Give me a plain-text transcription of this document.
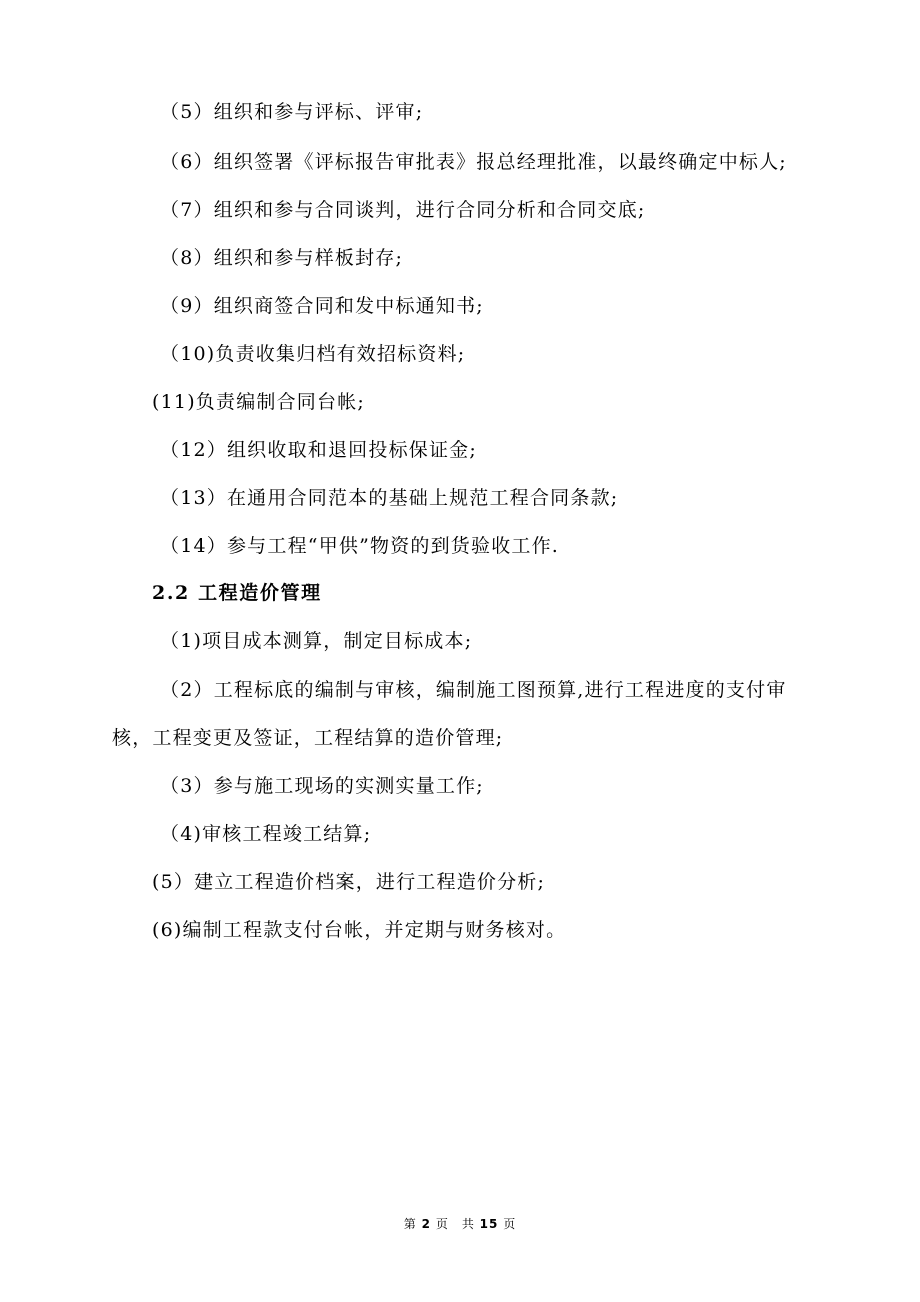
（5）组织和参与评标、评审;
（6）组织签署《评标报告审批表》报总经理批准，以最终确定中标人;
（7）组织和参与合同谈判，进行合同分析和合同交底;
（8）组织和参与样板封存;
（9）组织商签合同和发中标通知书;
（10)负责收集归档有效招标资料;
(11)负责编制合同台帐;
（12）组织收取和退回投标保证金;
（13）在通用合同范本的基础上规范工程合同条款;
（14）参与工程“甲供”物资的到货验收工作.
2.2 工程造价管理
（1)项目成本测算，制定目标成本;
（2）工程标底的编制与审核，编制施工图预算,进行工程进度的支付审
核，工程变更及签证，工程结算的造价管理;
（3）参与施工现场的实测实量工作;
（4)审核工程竣工结算;
(5）建立工程造价档案，进行工程造价分析;
(6)编制工程款支付台帐，并定期与财务核对。
第 2 页　共 15 页
